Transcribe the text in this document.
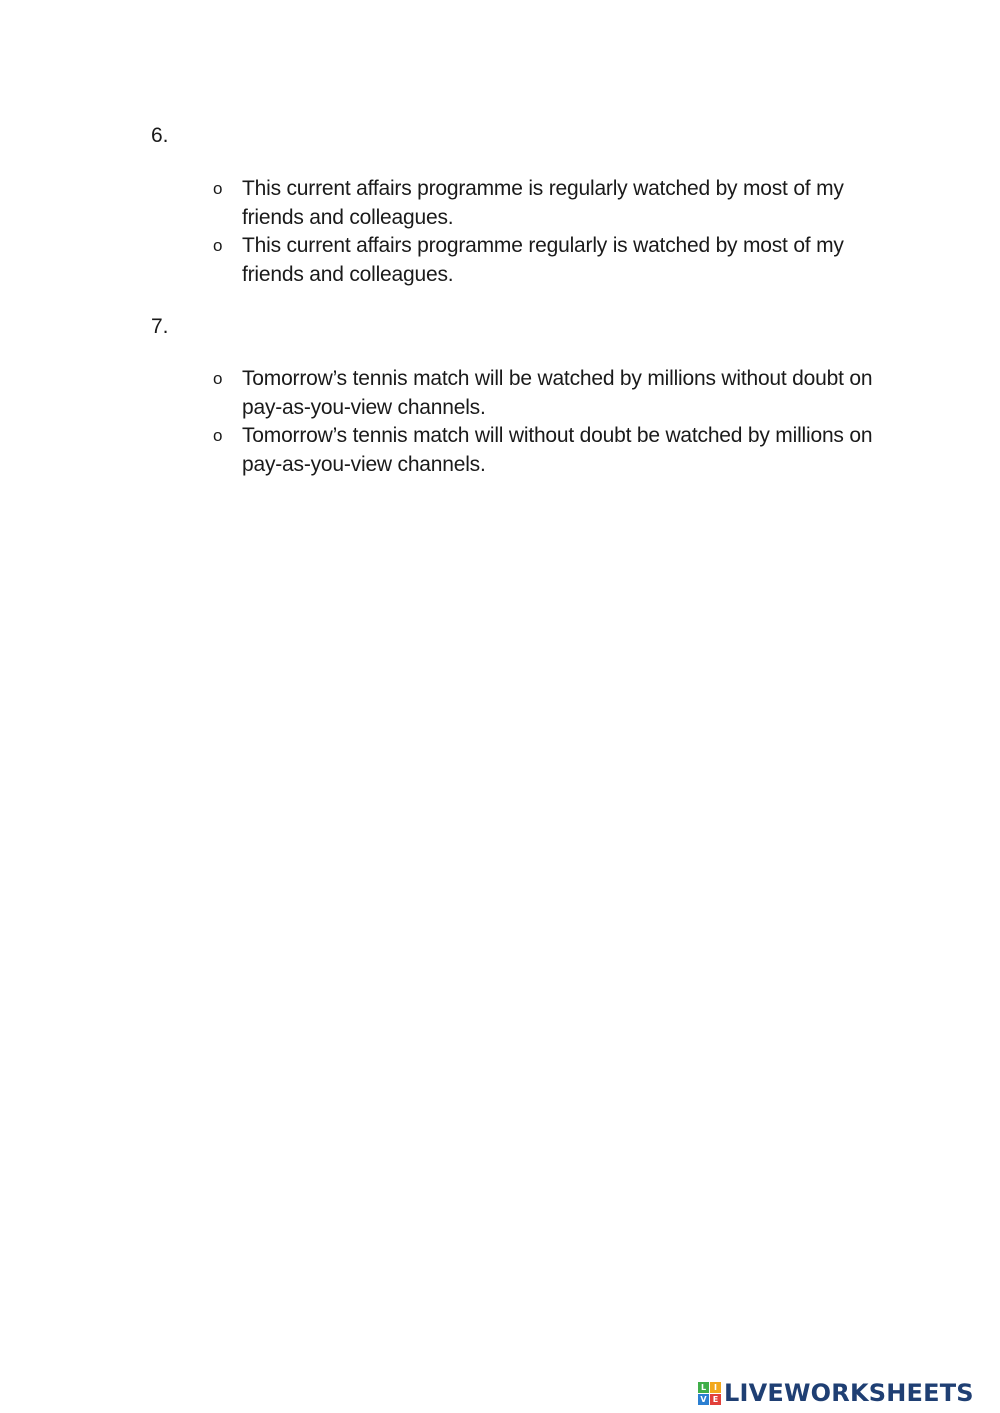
6.
o This current affairs programme is regularly watched by most of my friends and colleagues.
o This current affairs programme regularly is watched by most of my friends and colleagues.
7.
o Tomorrow’s tennis match will be watched by millions without doubt on pay-as-you-view channels.
o Tomorrow’s tennis match will without doubt be watched by millions on pay-as-you-view channels.
L I
V E LIVEWORKSHEETS
